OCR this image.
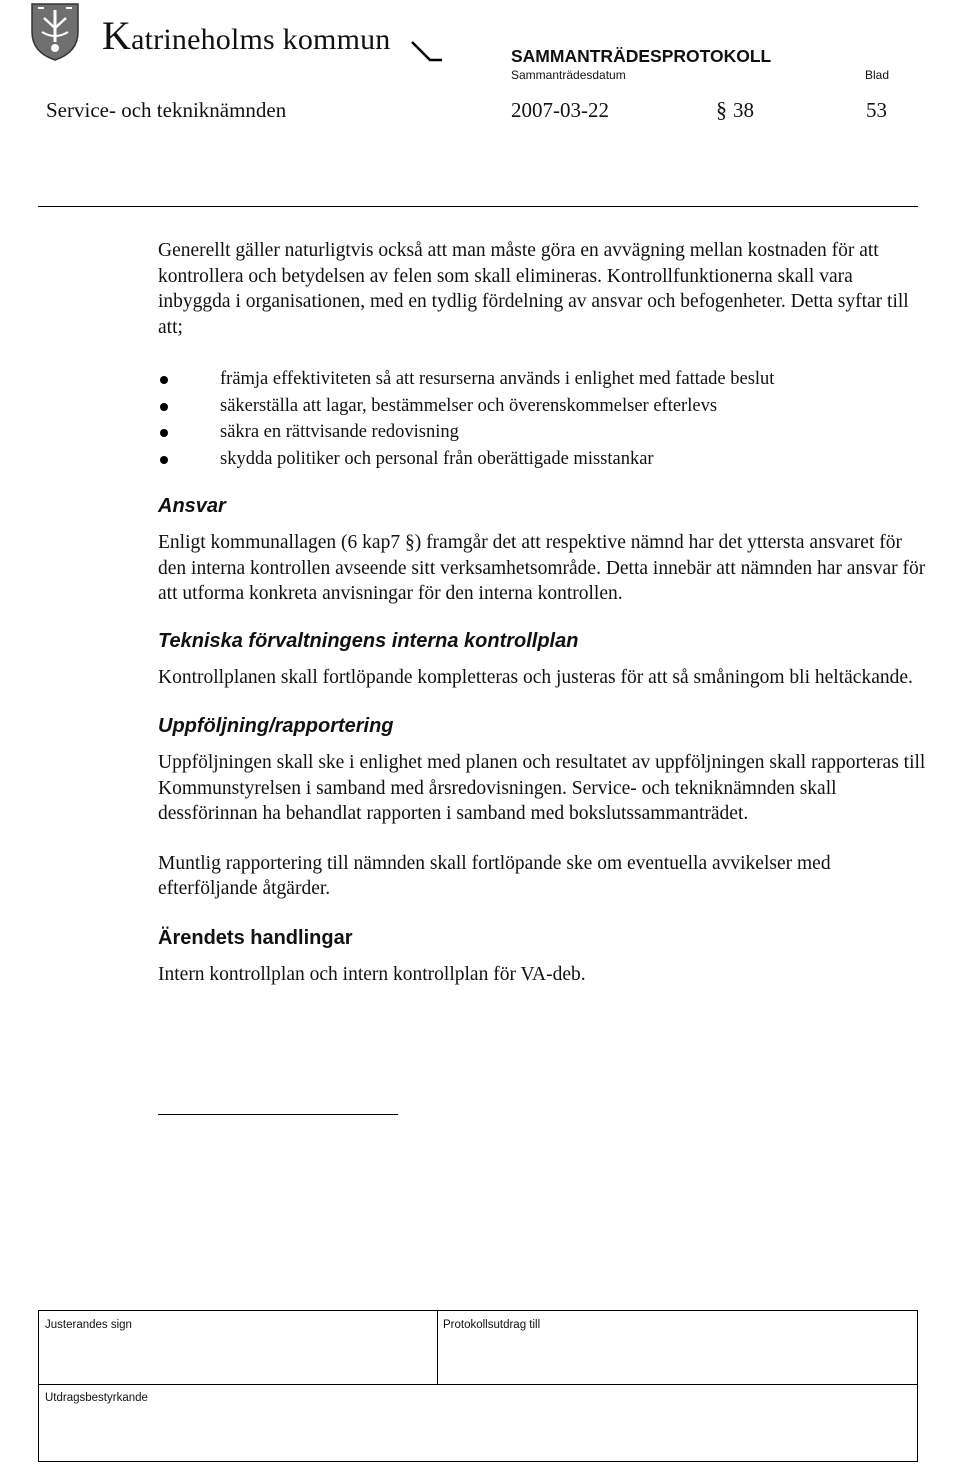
Katrineholms kommun	SAMMANTRÄDESPROTOKOLL
Sammanträdesdatum	Blad
Service- och tekniknämnden	2007-03-22	§ 38	53

Generellt gäller naturligtvis också att man måste göra en avvägning mellan kostnaden för att kontrollera och betydelsen av felen som skall elimineras. Kontrollfunktionerna skall vara inbyggda i organisationen, med en tydlig fördelning av ansvar och befogenheter. Detta syftar till att;

främja effektiviteten så att resurserna används i enlighet med fattade beslut
säkerställa att lagar, bestämmelser och överenskommelser efterlevs
säkra en rättvisande redovisning
skydda politiker och personal från oberättigade misstankar
Ansvar

Enligt kommunallagen (6 kap7 §) framgår det att respektive nämnd har det yttersta ansvaret för den interna kontrollen avseende sitt verksamhetsområde. Detta innebär att nämnden har ansvar för att utforma konkreta anvisningar för den interna kontrollen.

Tekniska förvaltningens interna kontrollplan

Kontrollplanen skall fortlöpande kompletteras och justeras för att så småningom bli heltäckande.

Uppföljning/rapportering

Uppföljningen skall ske i enlighet med planen och resultatet av uppföljningen skall rapporteras till Kommunstyrelsen i samband med årsredovisningen. Service- och tekniknämnden skall dessförinnan ha behandlat rapporten i samband med bokslutssammanträdet.

Muntlig rapportering till nämnden skall fortlöpande ske om eventuella avvikelser med efterföljande åtgärder.

Ärendets handlingar

Intern kontrollplan och intern kontrollplan för VA-deb.

Justerandes sign	Protokollsutdrag till
Utdragsbestyrkande
